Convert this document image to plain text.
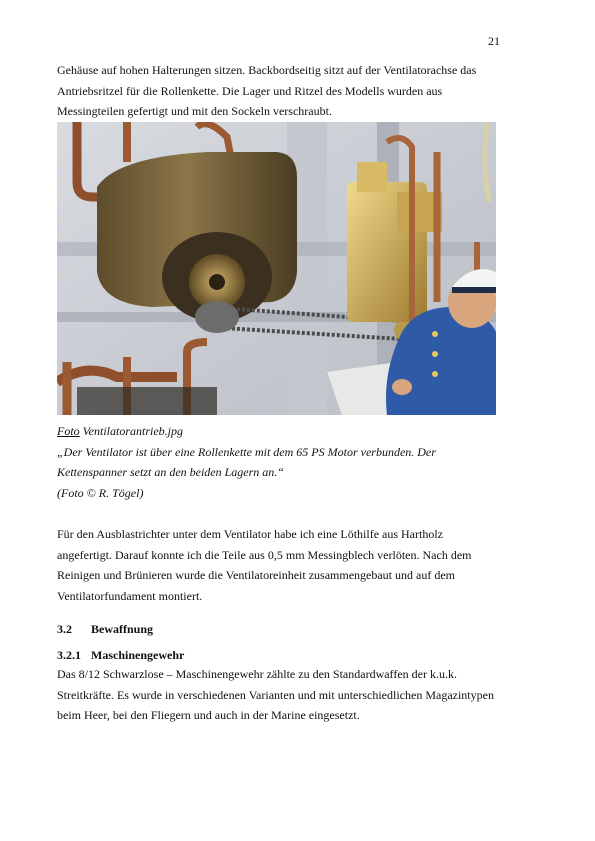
21
Gehäuse auf hohen Halterungen sitzen. Backbordseitig sitzt auf der Ventilatorachse das
Antriebsritzel für die Rollenkette. Die Lager und Ritzel des Modells wurden aus
Messingteilen gefertigt und mit den Sockeln verschraubt.
Foto Ventilatorantrieb.jpg
„Der Ventilator ist über eine Rollenkette mit dem 65 PS Motor verbunden. Der
Kettenspanner setzt an den beiden Lagern an.“
(Foto © R. Tögel)
Für den Ausblastrichter unter dem Ventilator habe ich eine Löthilfe aus Hartholz
angefertigt. Darauf konnte ich die Teile aus 0,5 mm Messingblech verlöten. Nach dem
Reinigen und Brünieren wurde die Ventilatoreinheit zusammengebaut und auf dem
Ventilatorfundament montiert.
3.2 Bewaffnung
3.2.1 Maschinengewehr
Das 8/12 Schwarzlose – Maschinengewehr zählte zu den Standardwaffen der k.u.k.
Streitkräfte. Es wurde in verschiedenen Varianten und mit unterschiedlichen Magazintypen
beim Heer, bei den Fliegern und auch in der Marine eingesetzt.
